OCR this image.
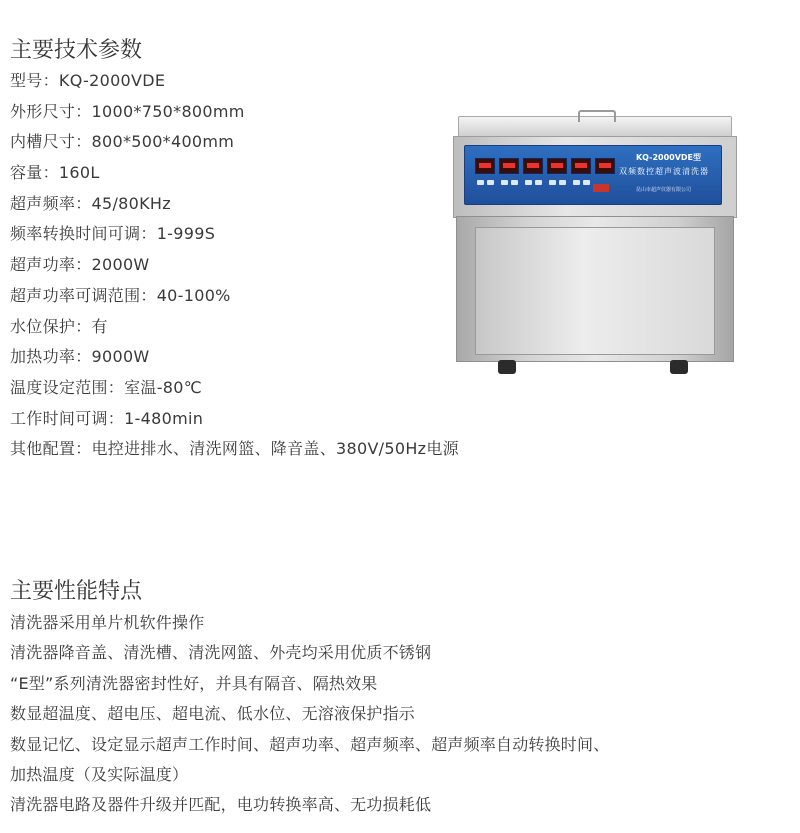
主要技术参数
型号：KQ-2000VDE
外形尺寸：1000*750*800mm
内槽尺寸：800*500*400mm
容量：160L
超声频率：45/80KHz
频率转换时间可调：1-999S
超声功率：2000W
超声功率可调范围：40-100%
水位保护：有
加热功率：9000W
温度设定范围：室温-80℃
工作时间可调：1-480min
其他配置：电控进排水、清洗网篮、降音盖、380V/50Hz电源
KQ-2000VDE型
双频数控超声波清洗器
昆山市超声仪器有限公司
主要性能特点
清洗器采用单片机软件操作
清洗器降音盖、清洗槽、清洗网篮、外壳均采用优质不锈钢
“E型”系列清洗器密封性好，并具有隔音、隔热效果
数显超温度、超电压、超电流、低水位、无溶液保护指示
数显记忆、设定显示超声工作时间、超声功率、超声频率、超声频率自动转换时间、
加热温度（及实际温度）
清洗器电路及器件升级并匹配，电功转换率高、无功损耗低
